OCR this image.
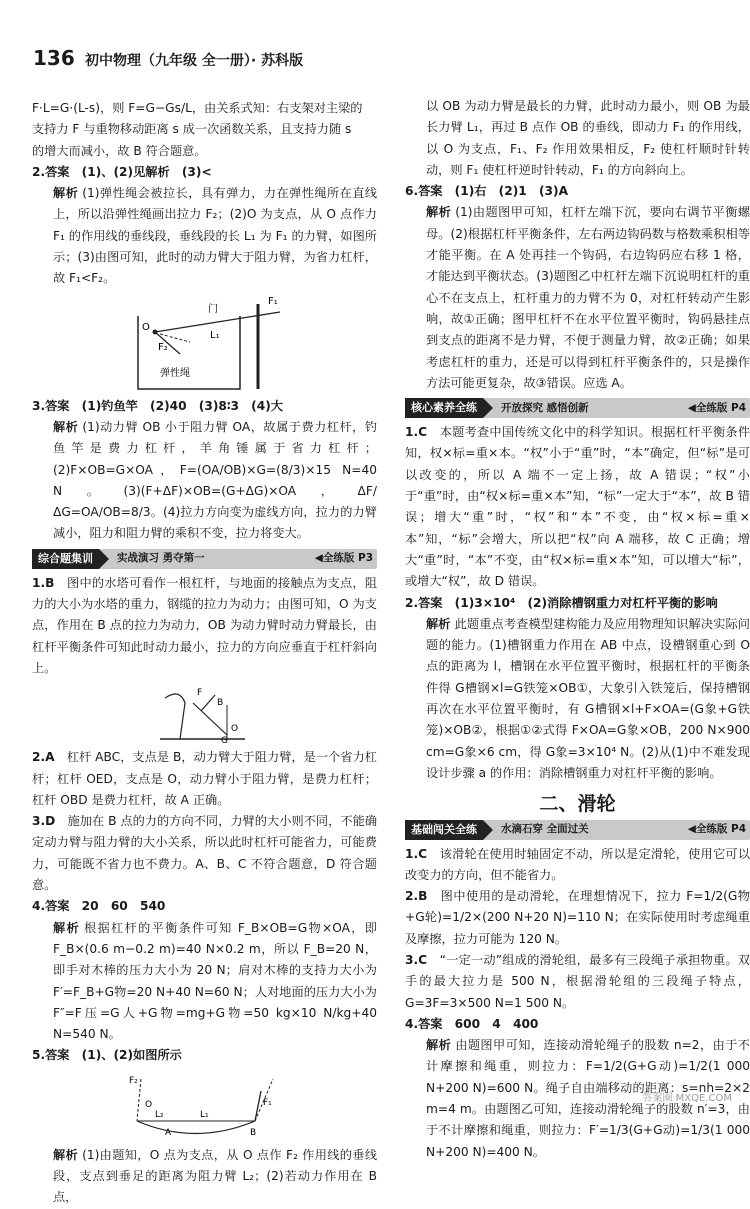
136 初中物理（九年级 全一册）· 苏科版

F·L=G·(L-s)，则 F=G−Gs/L，由关系式知：右支架对主梁的

支持力 F 与重物移动距离 s 成一次函数关系，且支持力随 s

的增大而减小，故 B 符合题意。

2.答案　(1)、(2)见解析　(3)<

解析 (1)弹性绳会被拉长，具有弹力，力在弹性绳所在直线上，所以沿弹性绳画出拉力 F₂；(2)O 为支点，从 O 点作力 F₁ 的作用线的垂线段，垂线段的长 L₁ 为 F₁ 的力臂，如图所示；(3)由图可知，此时的动力臂大于阻力臂，为省力杠杆，故 F₁<F₂。

门
F₁
O
L₁
F₂
弹性绳

3.答案　(1)钓鱼竿　(2)40　(3)8∶3　(4)大

解析 (1)动力臂 OB 小于阻力臂 OA，故属于费力杠杆，钓鱼竿是费力杠杆，羊角锤属于省力杠杆；(2)F×OB=G×OA，F=(OA/OB)×G=(8/3)×15 N=40 N。(3)(F+ΔF)×OB=(G+ΔG)×OA，ΔF/ΔG=OA/OB=8/3。(4)拉力方向变为虚线方向，拉力的力臂减小，阻力和阻力臂的乘积不变，拉力将变大。

综合题集训	实战演习 勇夺第一	◀全练版 P3

1.B　 图中的水塔可看作一根杠杆，与地面的接触点为支点，阻力的大小为水塔的重力，钢缆的拉力为动力；由图可知，O 为支点，作用在 B 点的拉力为动力，OB 为动力臂时动力臂最长，由杠杆平衡条件可知此时动力最小，拉力的方向应垂直于杠杆斜向上。

F
B
O
G

2.A　 杠杆 ABC，支点是 B，动力臂大于阻力臂，是一个省力杠杆；杠杆 OED，支点是 O，动力臂小于阻力臂，是费力杠杆；杠杆 OBD 是费力杠杆，故 A 正确。

3.D　 施加在 B 点的力的方向不同，力臂的大小则不同，不能确定动力臂与阻力臂的大小关系，所以此时杠杆可能省力，可能费力，可能既不省力也不费力。A、B、C 不符合题意，D 符合题意。

4.答案　20　60　540

解析 根据杠杆的平衡条件可知 F_B×OB=G物×OA，即 F_B×(0.6 m−0.2 m)=40 N×0.2 m，所以 F_B=20 N，即手对木棒的压力大小为 20 N；肩对木棒的支持力大小为 F′=F_B+G物=20 N+40 N=60 N；人对地面的压力大小为 F″=F压=G人+G物=mg+G物=50 kg×10 N/kg+40 N=540 N。

5.答案　(1)、(2)如图所示

F₂
O
L₂	L₁
A	B
F₁

解析 (1)由题知，O 点为支点，从 O 点作 F₂ 作用线的垂线段，支点到垂足的距离为阻力臂 L₂；(2)若动力作用在 B 点，

以 OB 为动力臂是最长的力臂，此时动力最小，则 OB 为最长力臂 L₁，再过 B 点作 OB 的垂线，即动力 F₁ 的作用线，以 O 为支点，F₁、F₂ 作用效果相反，F₂ 使杠杆顺时针转动，则 F₁ 使杠杆逆时针转动，F₁ 的方向斜向上。

6.答案　(1)右　(2)1　(3)A

解析 (1)由题图甲可知，杠杆左端下沉，要向右调节平衡螺母。(2)根据杠杆平衡条件，左右两边钩码数与格数乘积相等才能平衡。在 A 处再挂一个钩码，右边钩码应右移 1 格，才能达到平衡状态。(3)题图乙中杠杆左端下沉说明杠杆的重心不在支点上，杠杆重力的力臂不为 0，对杠杆转动产生影响，故①正确；图甲杠杆不在水平位置平衡时，钩码悬挂点到支点的距离不是力臂，不便于测量力臂，故②正确；如果考虑杠杆的重力，还是可以得到杠杆平衡条件的，只是操作方法可能更复杂，故③错误。应选 A。

核心素养全练	开放探究 感悟创新	◀全练版 P4

1.C　 本题考查中国传统文化中的科学知识。根据杠杆平衡条件知，权×标=重×本。“权”小于“重”时，“本”确定，但“标”是可以改变的，所以 A 端不一定上扬，故 A 错误；“权”小于“重”时，由“权×标=重×本”知，“标”一定大于“本”，故 B 错误；增大“重”时，“权”和“本”不变，由“权×标=重×本”知，“标”会增大，所以把“权”向 A 端移，故 C 正确；增大“重”时，“本”不变，由“权×标=重×本”知，可以增大“标”，或增大“权”，故 D 错误。

2.答案　(1)3×10⁴　(2)消除槽钢重力对杠杆平衡的影响

解析 此题重点考查模型建构能力及应用物理知识解决实际问题的能力。(1)槽钢重力作用在 AB 中点，设槽钢重心到 O 点的距离为 l，槽钢在水平位置平衡时，根据杠杆的平衡条件得 G槽钢×l=G铁笼×OB①，大象引入铁笼后，保持槽钢再次在水平位置平衡时，有 G槽钢×l+F×OA=(G象+G铁笼)×OB②，根据①②式得 F×OA=G象×OB，200 N×900 cm=G象×6 cm，得 G象=3×10⁴ N。(2)从(1)中不难发现设计步骤 a 的作用：消除槽钢重力对杠杆平衡的影响。

二、滑轮
基础闯关全练	水滴石穿 全面过关	◀全练版 P4

1.C　 该滑轮在使用时轴固定不动，所以是定滑轮，使用它可以改变力的方向，但不能省力。

2.B　 图中使用的是动滑轮，在理想情况下，拉力 F=1/2(G物+G轮)=1/2×(200 N+20 N)=110 N；在实际使用时考虑绳重及摩擦，拉力可能为 120 N。

3.C　 “一定一动”组成的滑轮组，最多有三段绳子承担物重。双手的最大拉力是 500 N，根据滑轮组的三段绳子特点，G=3F=3×500 N=1 500 N。

4.答案　600　4　400

解析 由题图甲可知，连接动滑轮绳子的股数 n=2，由于不计摩擦和绳重，则拉力：F=1/2(G+G动)=1/2(1 000 N+200 N)=600 N。绳子自由端移动的距离：s=nh=2×2 m=4 m。由题图乙可知，连接动滑轮绳子的股数 n′=3，由于不计摩擦和绳重，则拉力：F′=1/3(G+G动)=1/3(1 000 N+200 N)=400 N。

答案圈 MXQE.COM
